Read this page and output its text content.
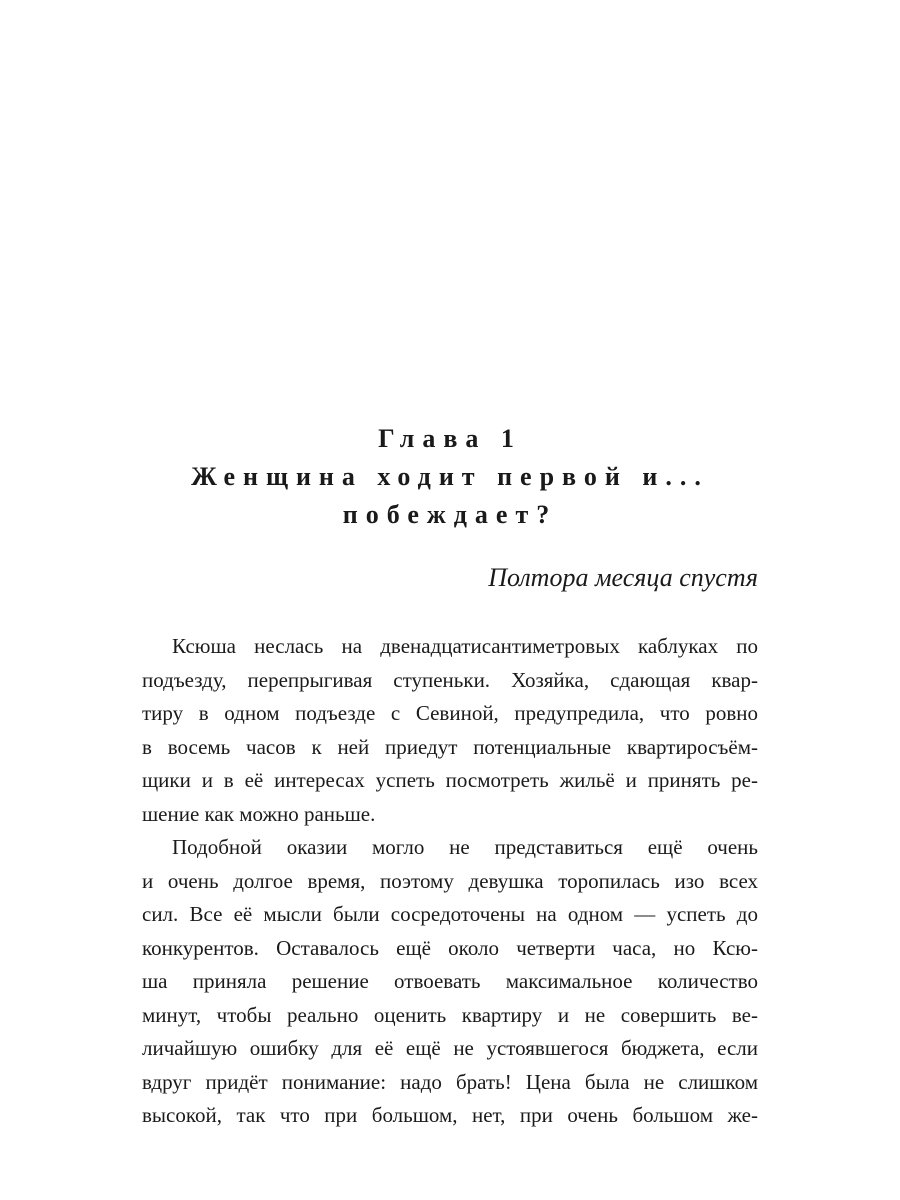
Глава 1
Женщина ходит первой и...
побеждает?
Полтора месяца спустя
Ксюша неслась на двенадцатисантиметровых каблуках по
подъезду, перепрыгивая ступеньки. Хозяйка, сдающая квар-
тиру в одном подъезде с Севиной, предупредила, что ровно
в восемь часов к ней приедут потенциальные квартиросъём-
щики и в её интересах успеть посмотреть жильё и принять ре-
шение как можно раньше.
Подобной оказии могло не представиться ещё очень
и очень долгое время, поэтому девушка торопилась изо всех
сил. Все её мысли были сосредоточены на одном — успеть до
конкурентов. Оставалось ещё около четверти часа, но Ксю-
ша приняла решение отвоевать максимальное количество
минут, чтобы реально оценить квартиру и не совершить ве-
личайшую ошибку для её ещё не устоявшегося бюджета, если
вдруг придёт понимание: надо брать! Цена была не слишком
высокой, так что при большом, нет, при очень большом же-
